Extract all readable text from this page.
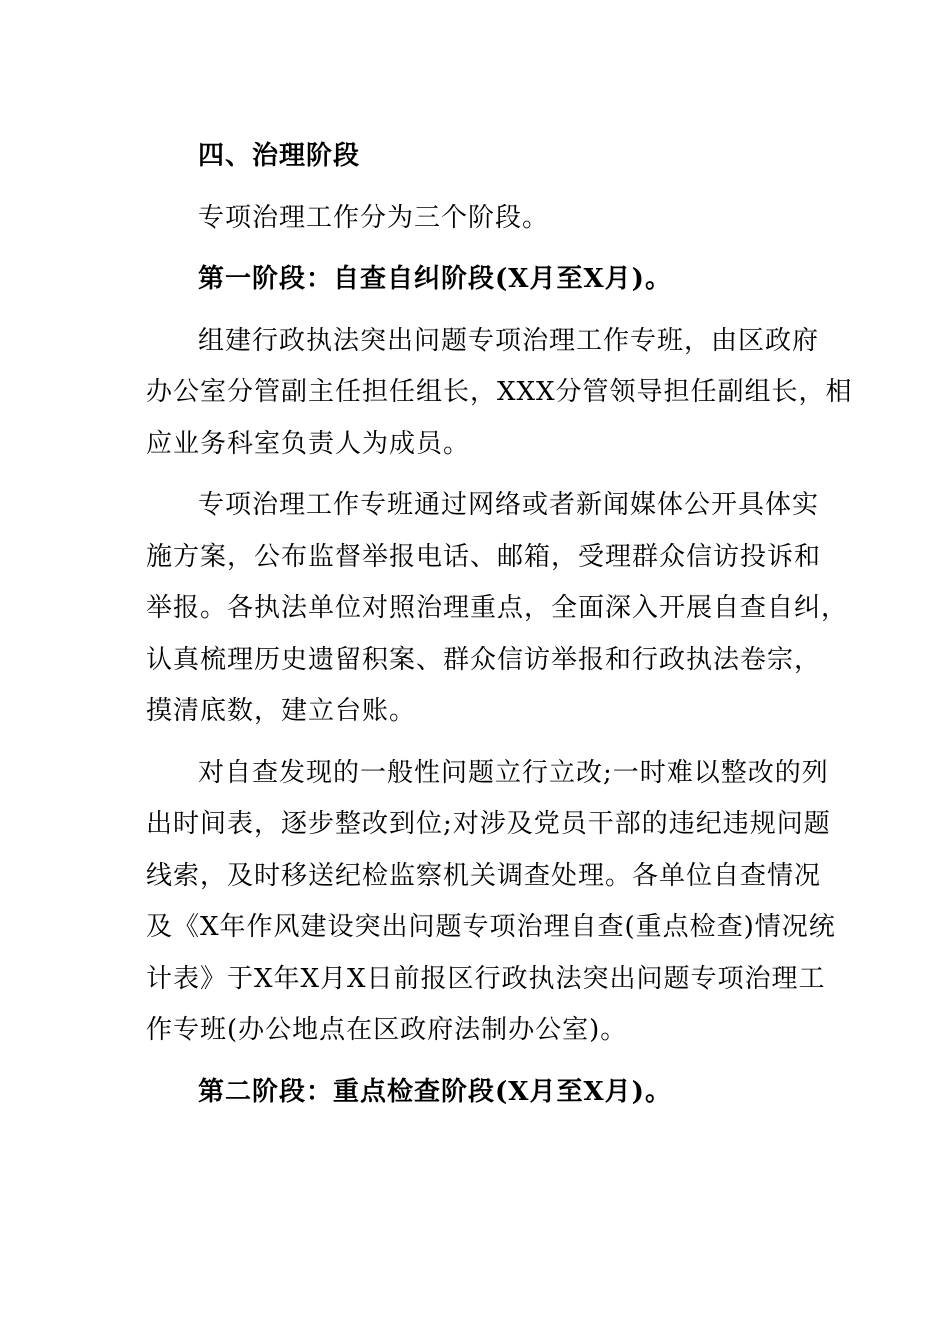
四、治理阶段
专项治理工作分为三个阶段。
第一阶段：自查自纠阶段(X月至X月)。
组建行政执法突出问题专项治理工作专班，由区政府
办公室分管副主任担任组长，XXX分管领导担任副组长，相
应业务科室负责人为成员。
专项治理工作专班通过网络或者新闻媒体公开具体实
施方案，公布监督举报电话、邮箱，受理群众信访投诉和
举报。各执法单位对照治理重点，全面深入开展自查自纠，
认真梳理历史遗留积案、群众信访举报和行政执法卷宗，
摸清底数，建立台账。
对自查发现的一般性问题立行立改;一时难以整改的列
出时间表，逐步整改到位;对涉及党员干部的违纪违规问题
线索，及时移送纪检监察机关调查处理。各单位自查情况
及《X年作风建设突出问题专项治理自查(重点检查)情况统
计表》于X年X月X日前报区行政执法突出问题专项治理工
作专班(办公地点在区政府法制办公室)。
第二阶段：重点检查阶段(X月至X月)。
